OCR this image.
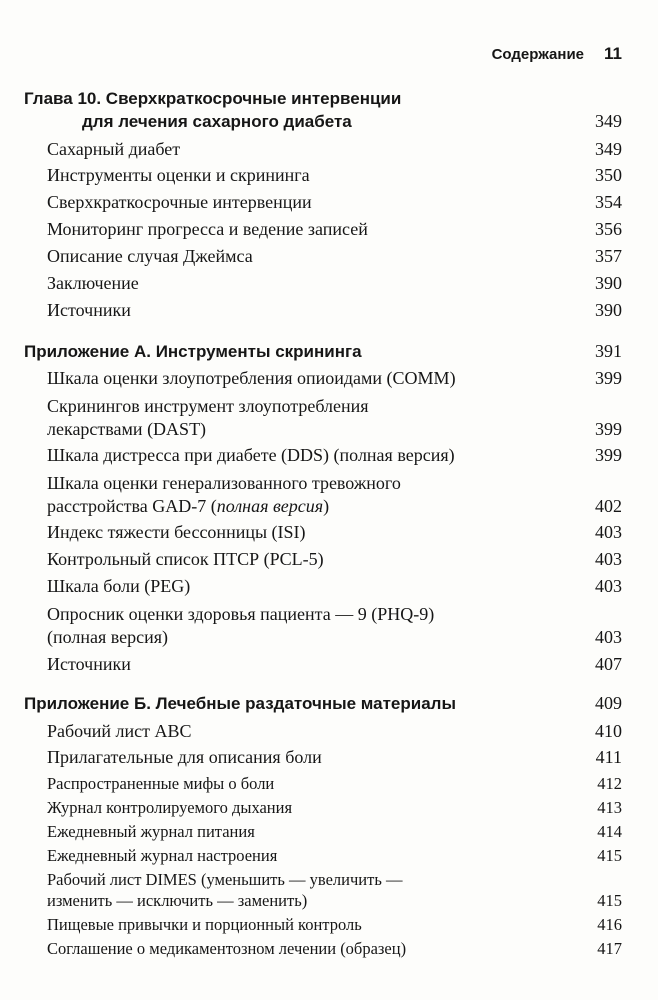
Содержание 11
Глава 10. Сверхкраткосрочные интервенции
для лечения сахарного диабета	349
Сахарный диабет	349
Инструменты оценки и скрининга	350
Сверхкраткосрочные интервенции	354
Мониторинг прогресса и ведение записей	356
Описание случая Джеймса	357
Заключение	390
Источники	390
Приложение А. Инструменты скрининга	391
Шкала оценки злоупотребления опиоидами (COMM)	399
Скринингов инструмент злоупотребления
лекарствами (DAST)	399
Шкала дистресса при диабете (DDS) (полная версия)	399
Шкала оценки генерализованного тревожного
расстройства GAD-7 (полная версия)	402
Индекс тяжести бессонницы (ISI)	403
Контрольный список ПТСР (PCL-5)	403
Шкала боли (PEG)	403
Опросник оценки здоровья пациента — 9 (PHQ-9)
(полная версия)	403
Источники	407
Приложение Б. Лечебные раздаточные материалы	409
Рабочий лист ABC	410
Прилагательные для описания боли	411
Распространенные мифы о боли	412
Журнал контролируемого дыхания	413
Ежедневный журнал питания	414
Ежедневный журнал настроения	415
Рабочий лист DIMES (уменьшить — увеличить —
изменить — исключить — заменить)	415
Пищевые привычки и порционный контроль	416
Соглашение о медикаментозном лечении (образец)	417
